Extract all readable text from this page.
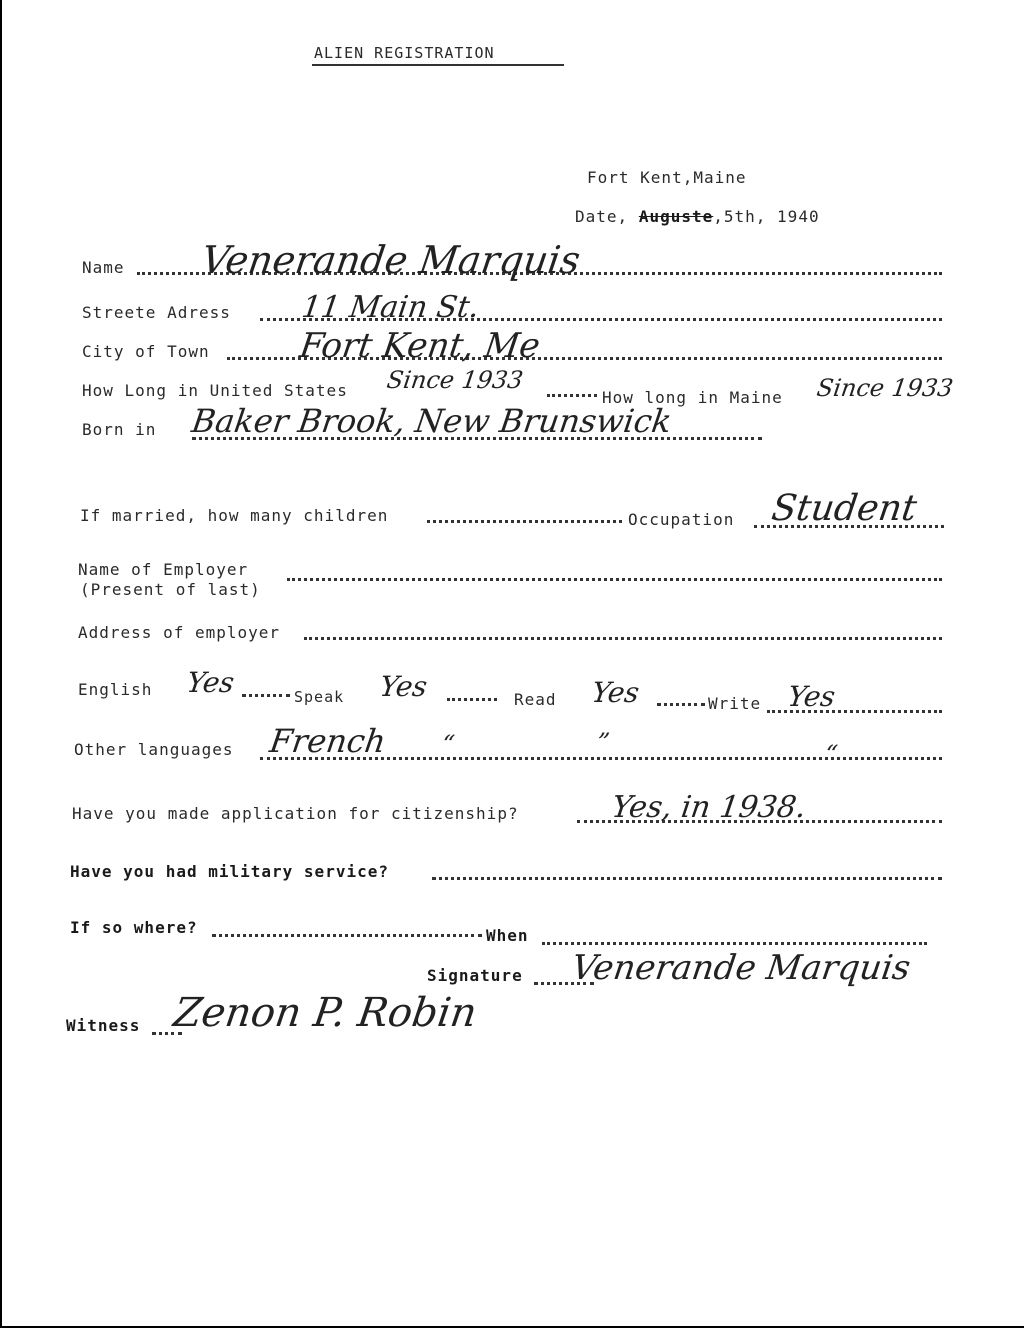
ALIEN REGISTRATION
Fort Kent,Maine
Date, Auguste,5th, 1940
Name Venerande Marquis
Streete Adress 11 Main St.
City of Town	Fort Kent, Me
How Long in United States Since 1933
How long in Maine Since 1933
Born in Baker Brook, New Brunswick
If married, how many children	Occupation Student
Name of Employer
(Present of last)
Address of employer
English Yes	Speak Yes	Read Yes	Write Yes
Other languages French “	”	“
Have you made application for citizenship?	Yes, in 1938.
Have you had military service?
If so where?	When
Signature Venerande Marquis
Witness Zenon P. Robin
